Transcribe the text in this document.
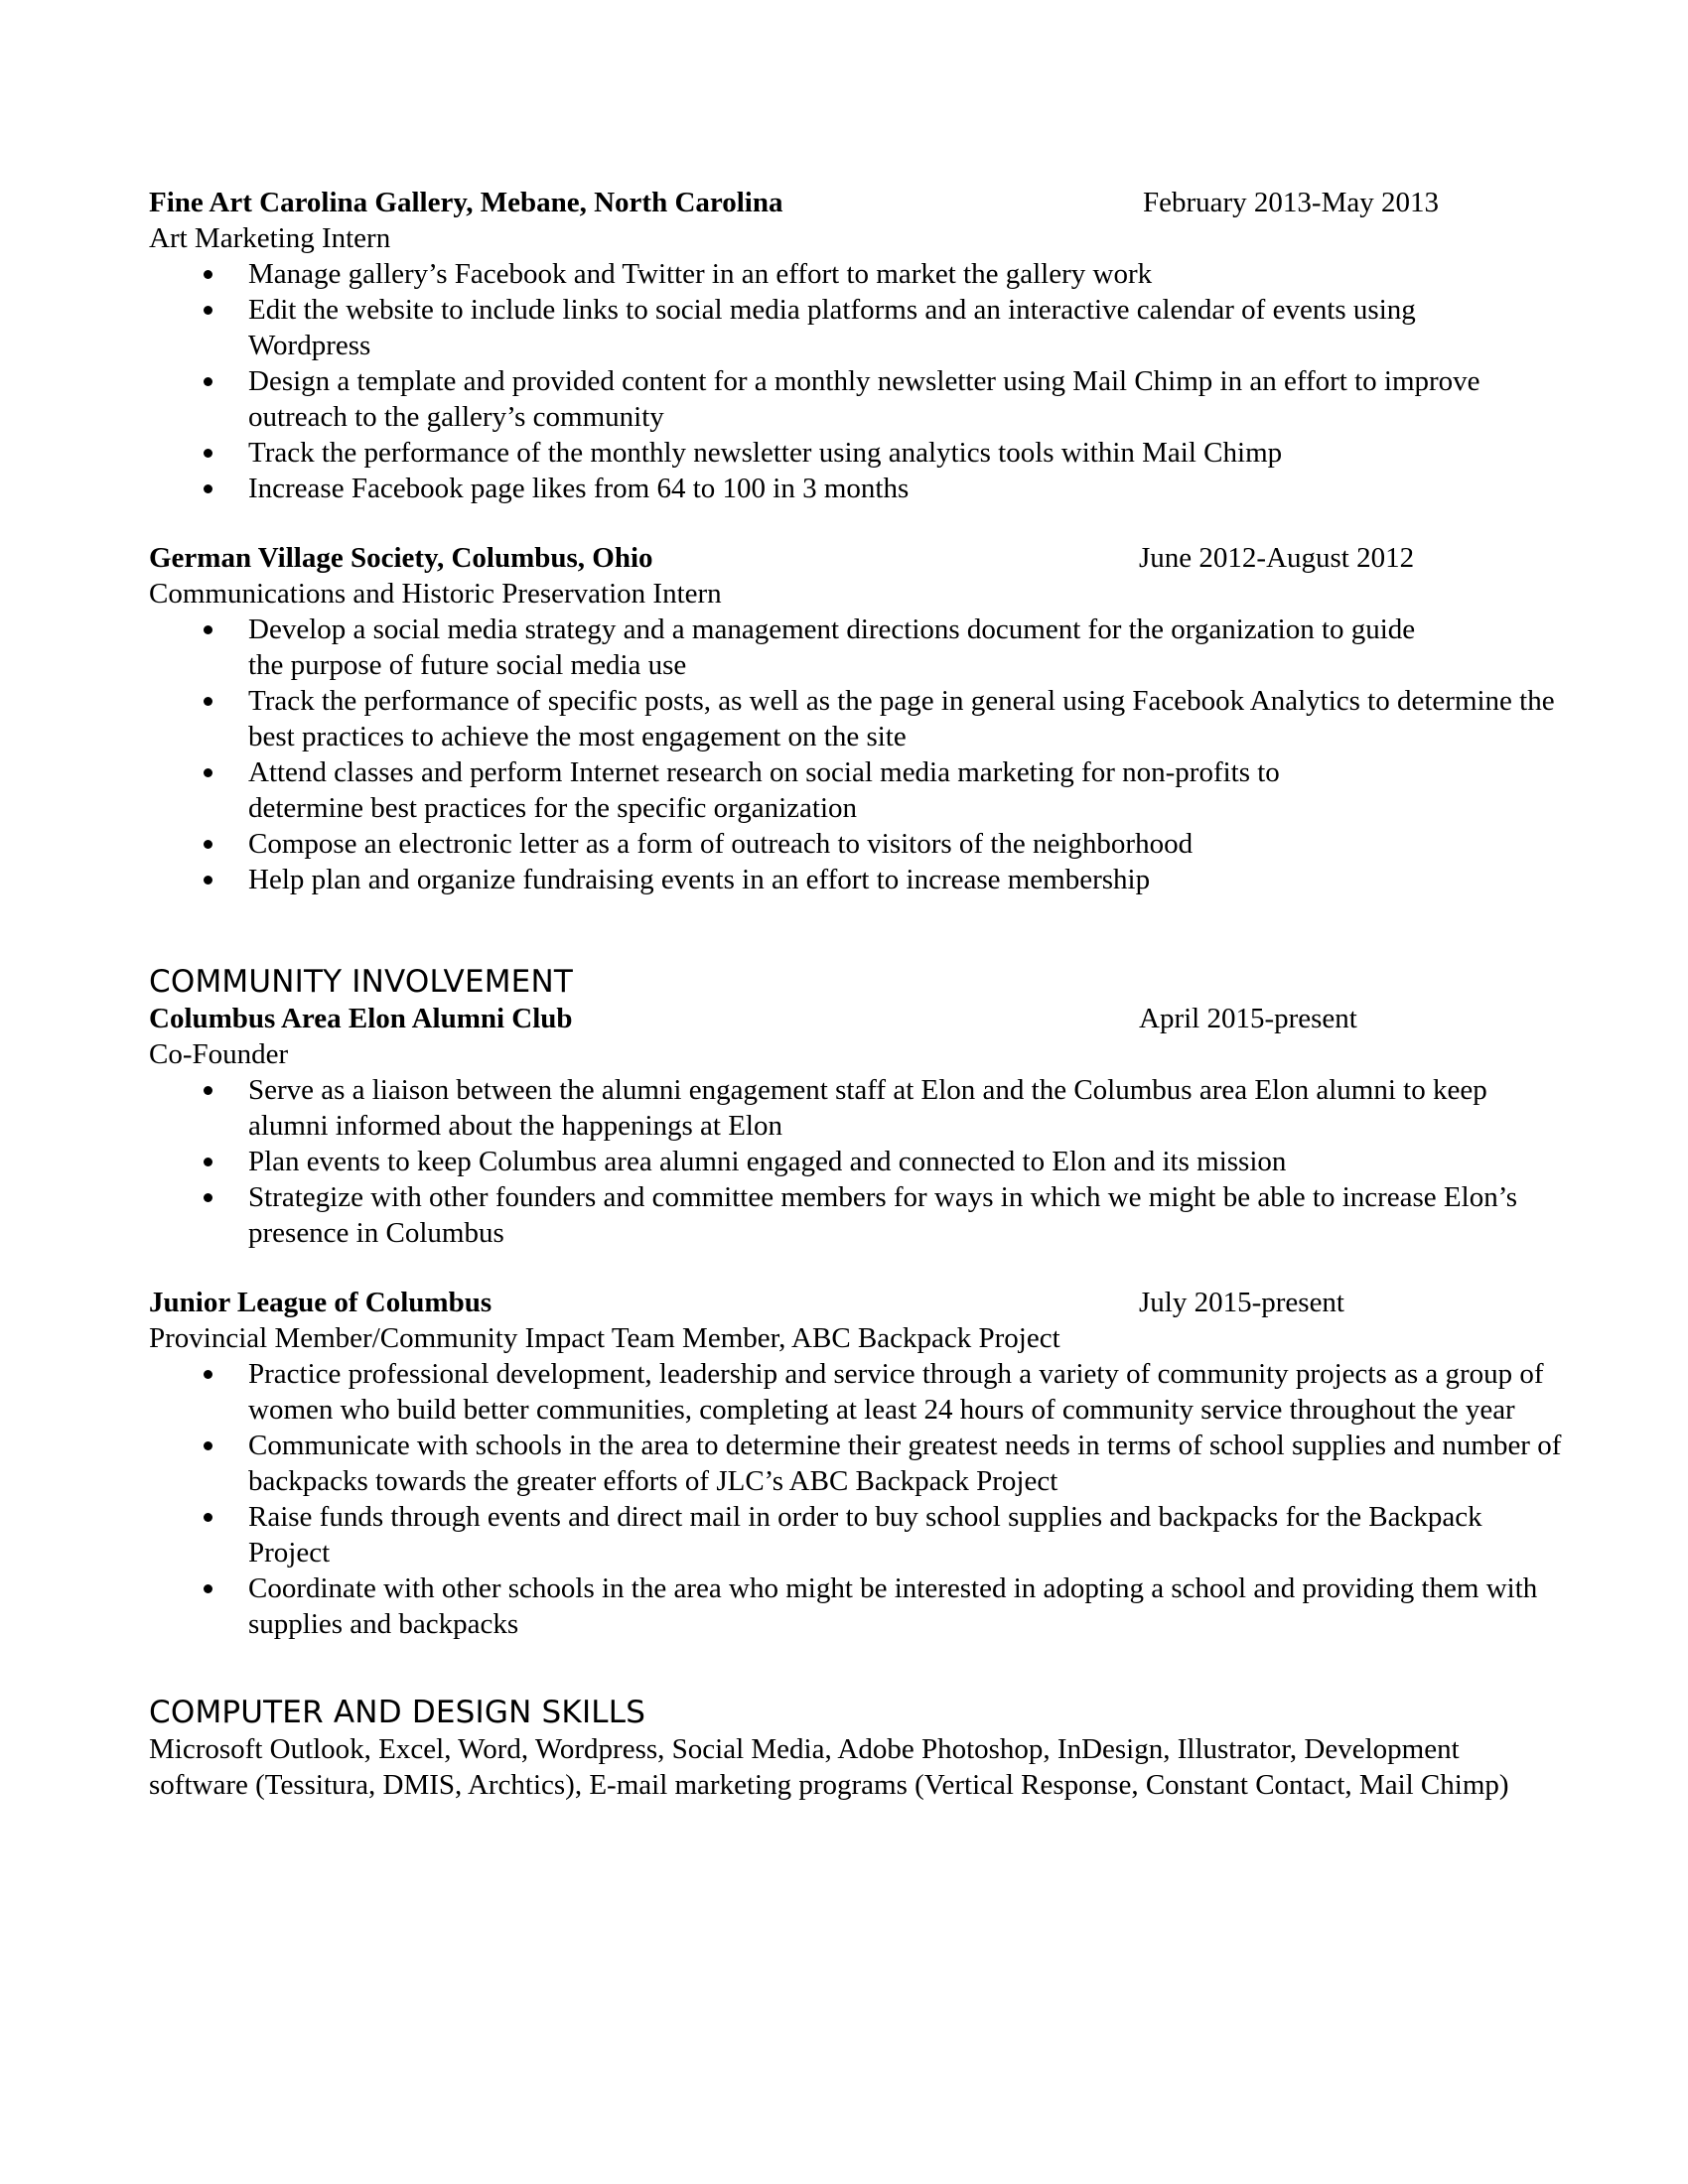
Fine Art Carolina Gallery, Mebane, North Carolina	February 2013-May 2013
Art Marketing Intern
Manage gallery’s Facebook and Twitter in an effort to market the gallery work
Edit the website to include links to social media platforms and an interactive calendar of events using Wordpress
Design a template and provided content for a monthly newsletter using Mail Chimp in an effort to improve outreach to the gallery’s community
Track the performance of the monthly newsletter using analytics tools within Mail Chimp
Increase Facebook page likes from 64 to 100 in 3 months
German Village Society, Columbus, Ohio	June 2012-August 2012
Communications and Historic Preservation Intern
Develop a social media strategy and a management directions document for the organization to guide the purpose of future social media use
Track the performance of specific posts, as well as the page in general using Facebook Analytics to determine the best practices to achieve the most engagement on the site
Attend classes and perform Internet research on social media marketing for non-profits to determine best practices for the specific organization
Compose an electronic letter as a form of outreach to visitors of the neighborhood
Help plan and organize fundraising events in an effort to increase membership
COMMUNITY INVOLVEMENT
Columbus Area Elon Alumni Club	April 2015-present
Co-Founder
Serve as a liaison between the alumni engagement staff at Elon and the Columbus area Elon alumni to keep alumni informed about the happenings at Elon
Plan events to keep Columbus area alumni engaged and connected to Elon and its mission
Strategize with other founders and committee members for ways in which we might be able to increase Elon’s presence in Columbus
Junior League of Columbus	July 2015-present
Provincial Member/Community Impact Team Member, ABC Backpack Project
Practice professional development, leadership and service through a variety of community projects as a group of women who build better communities, completing at least 24 hours of community service throughout the year
Communicate with schools in the area to determine their greatest needs in terms of school supplies and number of backpacks towards the greater efforts of JLC’s ABC Backpack Project
Raise funds through events and direct mail in order to buy school supplies and backpacks for the Backpack Project
Coordinate with other schools in the area who might be interested in adopting a school and providing them with supplies and backpacks
COMPUTER AND DESIGN SKILLS
Microsoft Outlook, Excel, Word, Wordpress, Social Media, Adobe Photoshop, InDesign, Illustrator, Development software (Tessitura, DMIS, Archtics), E-mail marketing programs (Vertical Response, Constant Contact, Mail Chimp)
